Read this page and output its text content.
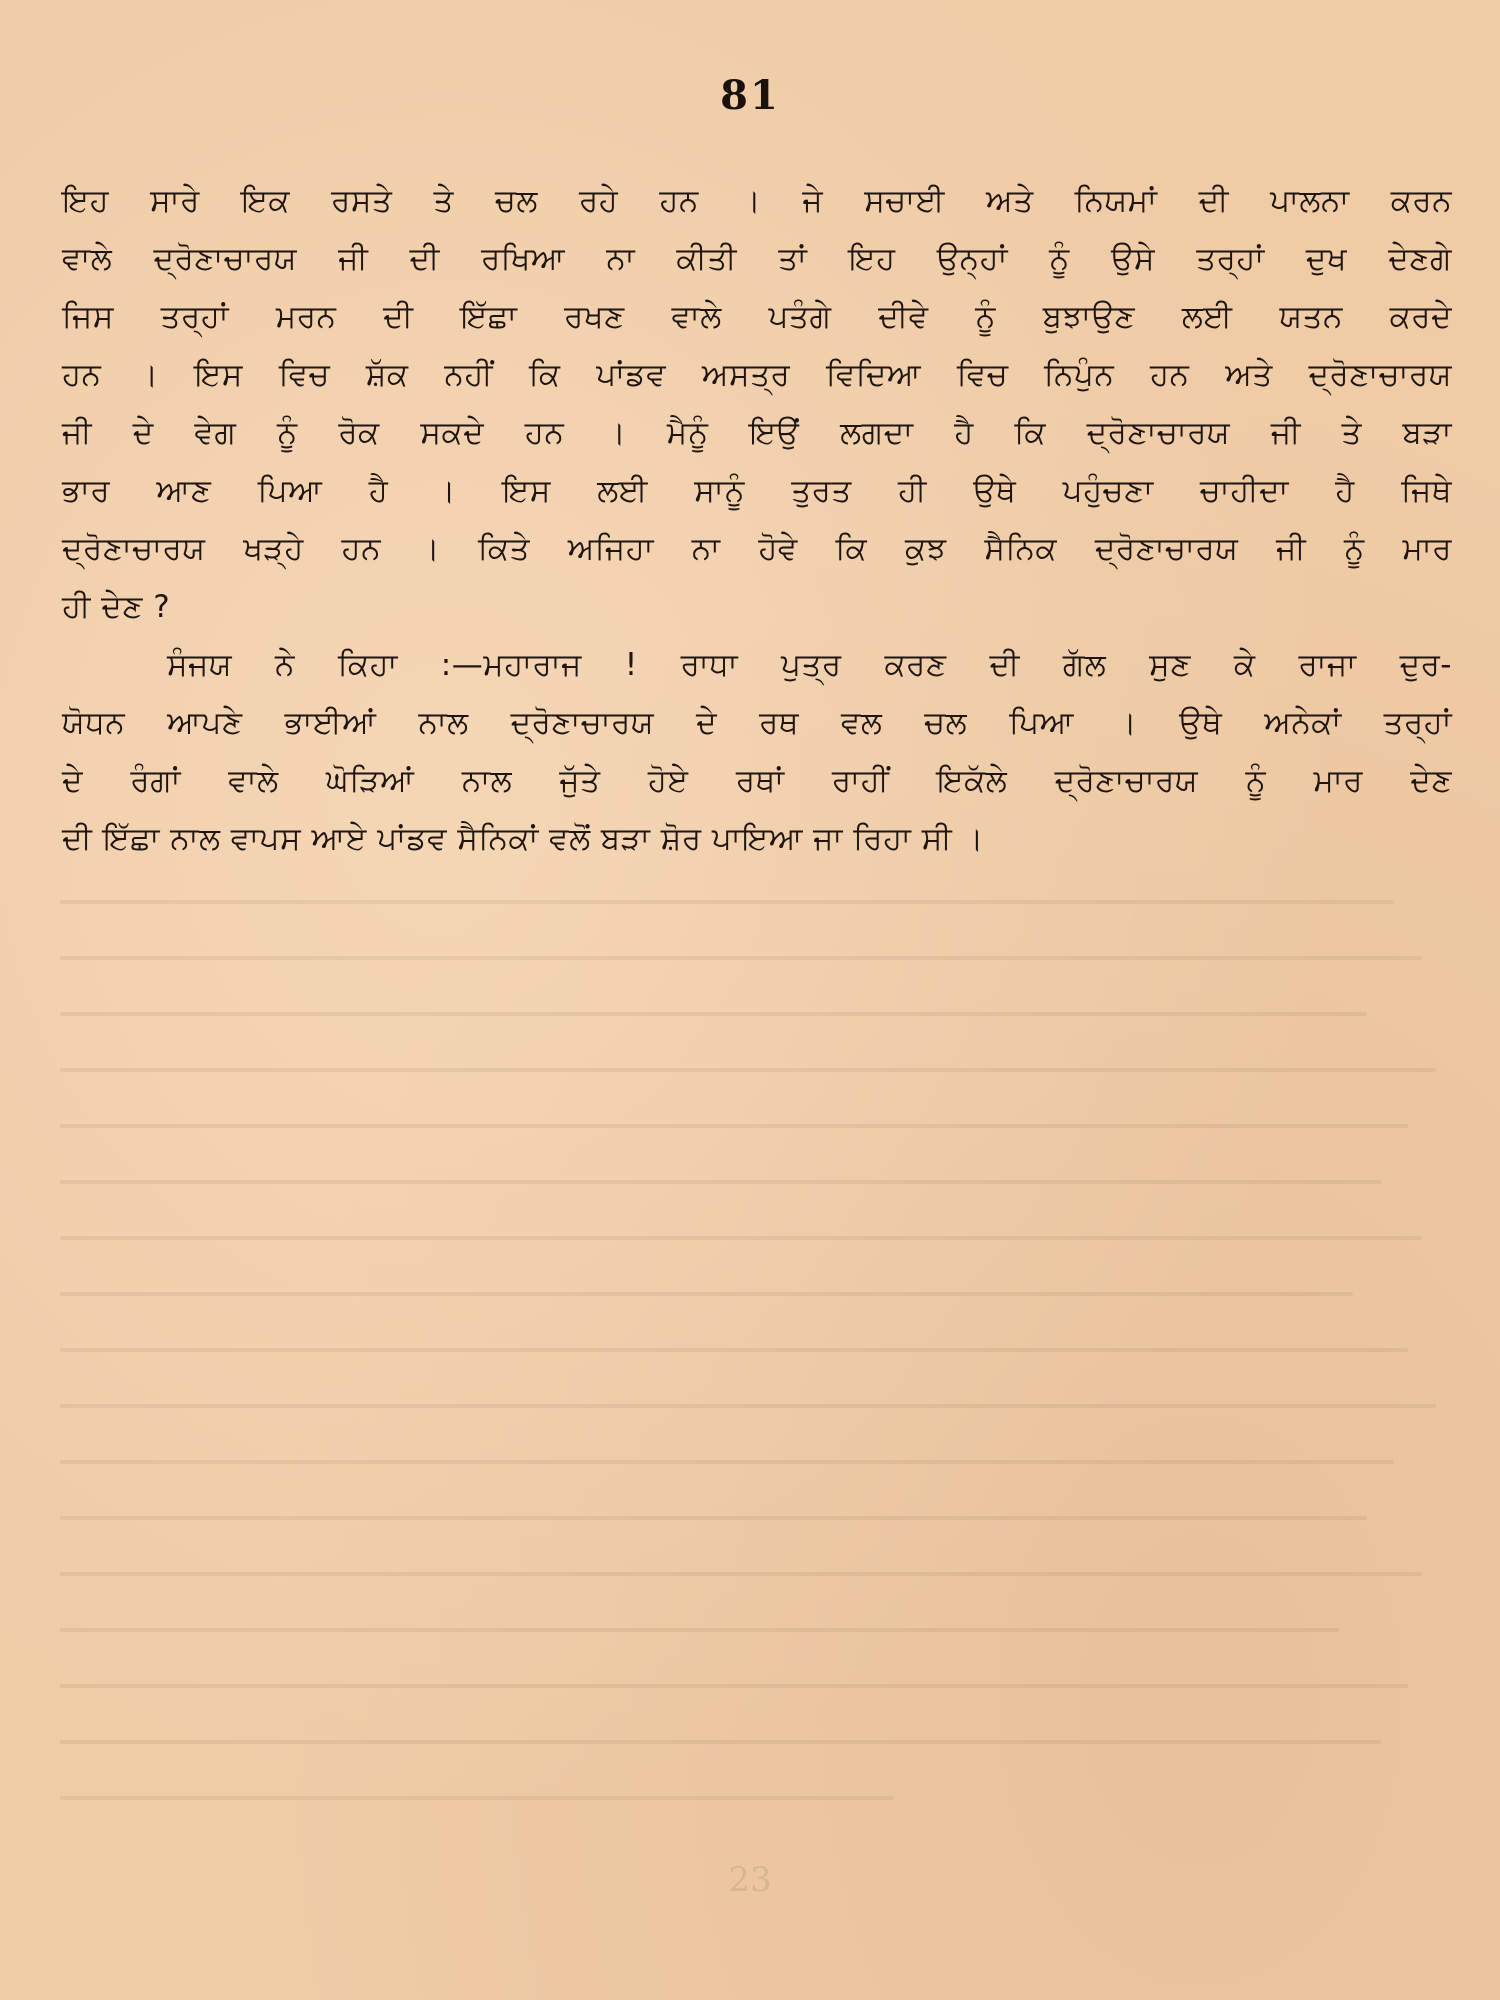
81
ਇਹ ਸਾਰੇ ਇਕ ਰਸਤੇ ਤੇ ਚਲ ਰਹੇ ਹਨ । ਜੇ ਸਚਾਈ ਅਤੇ ਨਿਯਮਾਂ ਦੀ ਪਾਲਨਾ ਕਰਨ
ਵਾਲੇ ਦ੍ਰੋਣਾਚਾਰਯ ਜੀ ਦੀ ਰਖਿਆ ਨਾ ਕੀਤੀ ਤਾਂ ਇਹ ਉਨ੍ਹਾਂ ਨੂੰ ਉਸੇ ਤਰ੍ਹਾਂ ਦੁਖ ਦੇਣਗੇ
ਜਿਸ ਤਰ੍ਹਾਂ ਮਰਨ ਦੀ ਇੱਛਾ ਰਖਣ ਵਾਲੇ ਪਤੰਗੇ ਦੀਵੇ ਨੂੰ ਬੁਝਾਉਣ ਲਈ ਯਤਨ ਕਰਦੇ
ਹਨ । ਇਸ ਵਿਚ ਸ਼ੱਕ ਨਹੀਂ ਕਿ ਪਾਂਡਵ ਅਸਤ੍ਰ ਵਿਦਿਆ ਵਿਚ ਨਿਪੁੰਨ ਹਨ ਅਤੇ ਦ੍ਰੋਣਾਚਾਰਯ
ਜੀ ਦੇ ਵੇਗ ਨੂੰ ਰੋਕ ਸਕਦੇ ਹਨ । ਮੈਨੂੰ ਇਉਂ ਲਗਦਾ ਹੈ ਕਿ ਦ੍ਰੋਣਾਚਾਰਯ ਜੀ ਤੇ ਬੜਾ
ਭਾਰ ਆਣ ਪਿਆ ਹੈ । ਇਸ ਲਈ ਸਾਨੂੰ ਤੁਰਤ ਹੀ ਉਥੇ ਪਹੁੰਚਣਾ ਚਾਹੀਦਾ ਹੈ ਜਿਥੇ
ਦ੍ਰੋਣਾਚਾਰਯ ਖੜ੍ਹੇ ਹਨ । ਕਿਤੇ ਅਜਿਹਾ ਨਾ ਹੋਵੇ ਕਿ ਕੁਝ ਸੈਨਿਕ ਦ੍ਰੋਣਾਚਾਰਯ ਜੀ ਨੂੰ ਮਾਰ
ਹੀ ਦੇਣ ?
ਸੰਜਯ ਨੇ ਕਿਹਾ :—ਮਹਾਰਾਜ ! ਰਾਧਾ ਪੁਤ੍ਰ ਕਰਣ ਦੀ ਗੱਲ ਸੁਣ ਕੇ ਰਾਜਾ ਦੁਰ-
ਯੋਧਨ ਆਪਣੇ ਭਾਈਆਂ ਨਾਲ ਦ੍ਰੋਣਾਚਾਰਯ ਦੇ ਰਥ ਵਲ ਚਲ ਪਿਆ । ਉਥੇ ਅਨੇਕਾਂ ਤਰ੍ਹਾਂ
ਦੇ ਰੰਗਾਂ ਵਾਲੇ ਘੋੜਿਆਂ ਨਾਲ ਜੁੱਤੇ ਹੋਏ ਰਥਾਂ ਰਾਹੀਂ ਇਕੱਲੇ ਦ੍ਰੋਣਾਚਾਰਯ ਨੂੰ ਮਾਰ ਦੇਣ
ਦੀ ਇੱਛਾ ਨਾਲ ਵਾਪਸ ਆਏ ਪਾਂਡਵ ਸੈਨਿਕਾਂ ਵਲੋਂ ਬੜਾ ਸ਼ੋਰ ਪਾਇਆ ਜਾ ਰਿਹਾ ਸੀ ।
23
